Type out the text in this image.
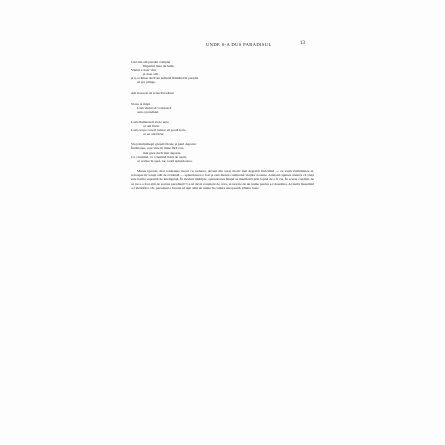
UNDE S-A DUS PARADISUL	13
Căci mi-am pierdut complet
Imperiul meu de lumi.
Vîntul e doar vînt
și doar atît –
și n-a rămas decît un sufletul flămând în paradis
să pot plînge.
Am încercat să scriu Paradisul
Să nu te miști
Lasă vîntul să vorbească
asta-i paradisul.
Lasă Dumnezeii să ne ierte
ce am făcut.
Lasă cei pe care îi iubesc să poată ierta
ce eu am făcut.
Să-ți mulțumești greșeli făcute și pieri departe:
Încîntarea, care vine în mine fără rost,
mai greu decît mai departe.
Ca o lumină, ca o lumină mică de opaiț,
ce revine în apoi, iar, toată splendoarea.

Mereu ignorat, mai totdeauna trecut cu vederea, deveni din acest motiv mai degrabă invizibilă — cu toată vizibilitatea ei, retrospectiv totuși atât de evidentă — splendoarea a fost și este mereu conținutul vieților noastre. Aristotel spunea undeva că viața este forma supremă de inteligență. În moduri multiple, splendoarea ființei se manifestă prin faptul de a fi vie. În aceste condiții, de ce nu s-a fost atât de ascuns paradisul? Ca să devii conștient de ceva, ai nevoie de un nume pentru a-l desemna. Al numi înseamnă a-l identifica. Or, paradisul a încetat să mai aibă un nume în cultura europeană. Dintre toate
